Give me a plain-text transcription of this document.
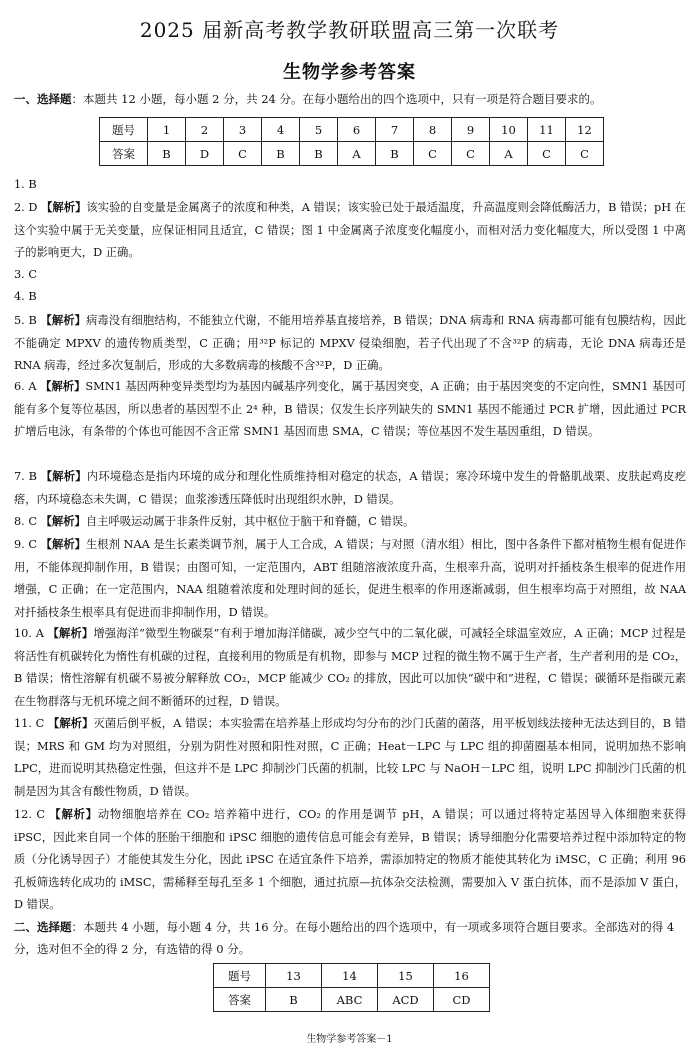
2025 届新高考教学教研联盟高三第一次联考
生物学参考答案
一、选择题：本题共 12 小题，每小题 2 分，共 24 分。在每小题给出的四个选项中，只有一项是符合题目要求的。
题号	1	2	3	4	5	6	7	8	9	10	11	12
答案	B	D	C	B	B	A	B	C	C	A	C	C
1. B
2. D 【解析】该实验的自变量是金属离子的浓度和种类，A 错误；该实验已处于最适温度，升高温度则会降低酶活力，B 错误；pH 在这个实验中属于无关变量，应保证相同且适宜，C 错误；图 1 中金属离子浓度变化幅度小，而相对活力变化幅度大，所以受图 1 中离子的影响更大，D 正确。
3. C
4. B
5. B 【解析】病毒没有细胞结构，不能独立代谢，不能用培养基直接培养，B 错误；DNA 病毒和 RNA 病毒都可能有包膜结构，因此不能确定 MPXV 的遗传物质类型，C 正确；用³²P 标记的 MPXV 侵染细胞，若子代出现了不含³²P 的病毒，无论 DNA 病毒还是 RNA 病毒，经过多次复制后，形成的大多数病毒的核酸不含³²P，D 正确。
6. A 【解析】SMN1 基因两种变异类型均为基因内碱基序列变化，属于基因突变，A 正确；由于基因突变的不定向性，SMN1 基因可能有多个复等位基因，所以患者的基因型不止 2⁴ 种，B 错误；仅发生长序列缺失的 SMN1 基因不能通过 PCR 扩增，因此通过 PCR 扩增后电泳，有条带的个体也可能因不含正常 SMN1 基因而患 SMA，C 错误；等位基因不发生基因重组，D 错误。
7. B 【解析】内环境稳态是指内环境的成分和理化性质维持相对稳定的状态，A 错误；寒冷环境中发生的骨骼肌战栗、皮肤起鸡皮疙瘩，内环境稳态未失调，C 错误；血浆渗透压降低时出现组织水肿，D 错误。
8. C 【解析】自主呼吸运动属于非条件反射，其中枢位于脑干和脊髓，C 错误。
9. C 【解析】生根剂 NAA 是生长素类调节剂，属于人工合成，A 错误；与对照（清水组）相比，图中各条件下都对植物生根有促进作用，不能体现抑制作用，B 错误；由图可知，一定范围内，ABT 组随溶液浓度升高，生根率升高，说明对扦插枝条生根率的促进作用增强，C 正确；在一定范围内，NAA 组随着浓度和处理时间的延长，促进生根率的作用逐渐减弱，但生根率均高于对照组，故 NAA 对扦插枝条生根率具有促进而非抑制作用，D 错误。
10. A 【解析】增强海洋“微型生物碳泵”有利于增加海洋储碳，减少空气中的二氧化碳，可减轻全球温室效应，A 正确；MCP 过程是将活性有机碳转化为惰性有机碳的过程，直接利用的物质是有机物，即参与 MCP 过程的微生物不属于生产者，生产者利用的是 CO₂，B 错误；惰性溶解有机碳不易被分解释放 CO₂，MCP 能减少 CO₂ 的排放，因此可以加快“碳中和”进程，C 错误；碳循环是指碳元素在生物群落与无机环境之间不断循环的过程，D 错误。
11. C 【解析】灭菌后倒平板，A 错误；本实验需在培养基上形成均匀分布的沙门氏菌的菌落，用平板划线法接种无法达到目的，B 错误；MRS 和 GM 均为对照组，分别为阴性对照和阳性对照，C 正确；Heat－LPC 与 LPC 组的抑菌圈基本相同，说明加热不影响 LPC，进而说明其热稳定性强，但这并不是 LPC 抑制沙门氏菌的机制，比较 LPC 与 NaOH－LPC 组，说明 LPC 抑制沙门氏菌的机制是因为其含有酸性物质，D 错误。
12. C 【解析】动物细胞培养在 CO₂ 培养箱中进行，CO₂ 的作用是调节 pH，A 错误；可以通过将特定基因导入体细胞来获得 iPSC，因此来自同一个体的胚胎干细胞和 iPSC 细胞的遗传信息可能会有差异，B 错误；诱导细胞分化需要培养过程中添加特定的物质（分化诱导因子）才能使其发生分化，因此 iPSC 在适宜条件下培养，需添加特定的物质才能使其转化为 iMSC，C 正确；利用 96 孔板筛选转化成功的 iMSC，需稀释至每孔至多 1 个细胞，通过抗原—抗体杂交法检测，需要加入 V 蛋白抗体，而不是添加 V 蛋白，D 错误。
二、选择题：本题共 4 小题，每小题 4 分，共 16 分。在每小题给出的四个选项中，有一项或多项符合题目要求。全部选对的得 4 分，选对但不全的得 2 分，有选错的得 0 分。
题号	13	14	15	16
答案	B	ABC	ACD	CD
生物学参考答案－1
